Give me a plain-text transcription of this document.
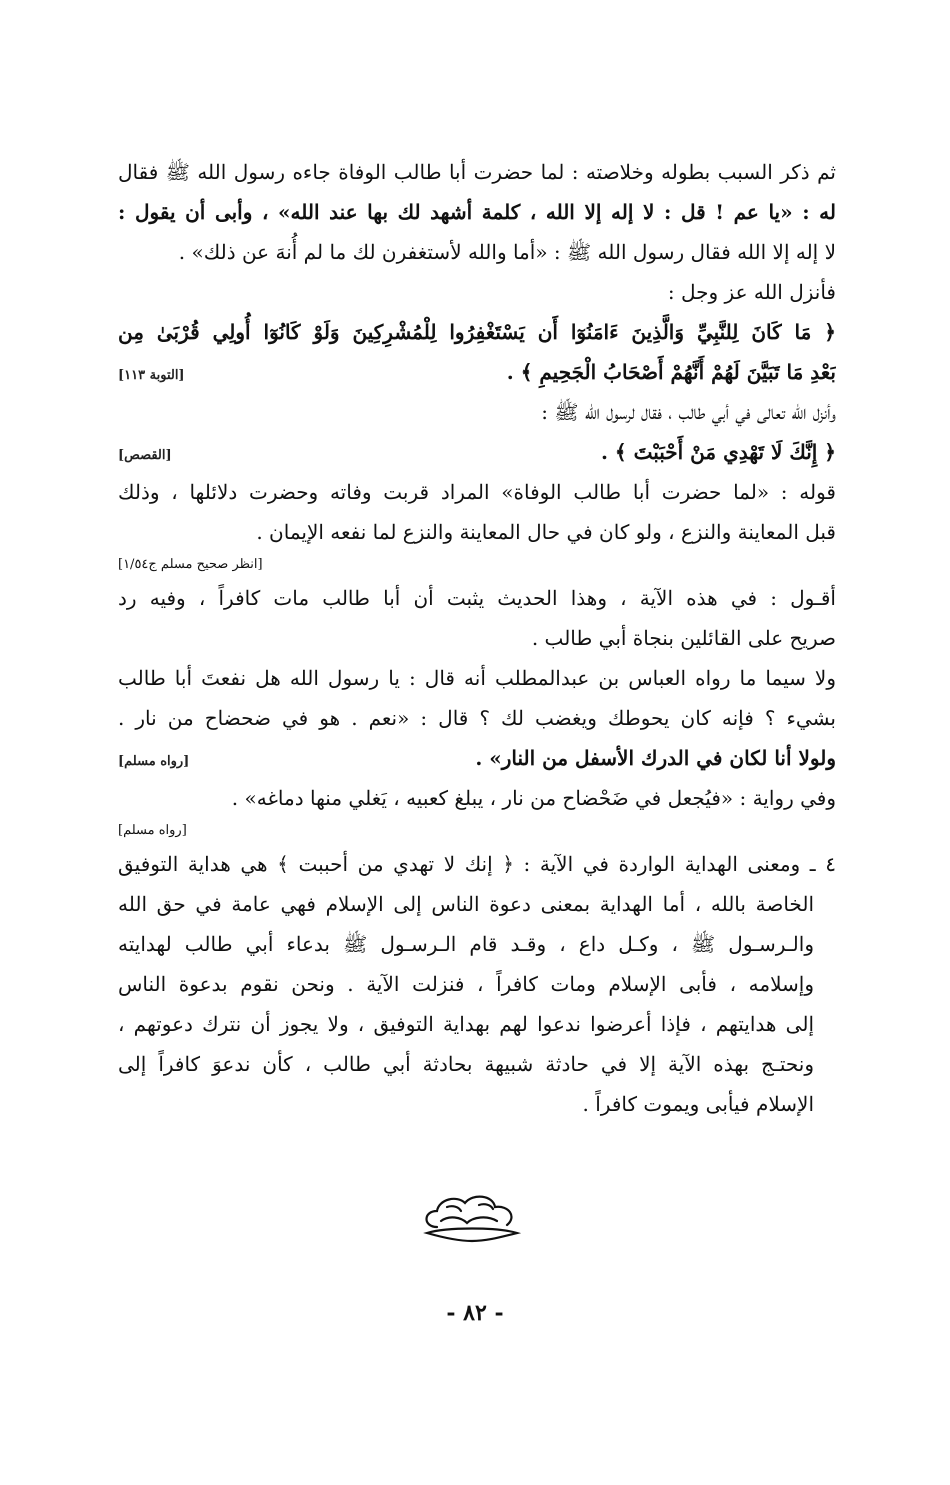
ثم ذكر السبب بطوله وخلاصته : لما حضرت أبا طالب الوفاة جاءه رسول الله ﷺ فقال
له : «يا عم ! قل : لا إله إلا الله ، كلمة أشهد لك بها عند الله» ، وأبى أن يقول :
لا إله إلا الله فقال رسول الله ﷺ : «أما والله لأستغفرن لك ما لم أُنهَ عن ذلك» .
فأنزل الله عز وجل :
﴿ مَا كَانَ لِلنَّبِيِّ وَالَّذِينَ ءَامَنُوٓا أَن يَسْتَغْفِرُوا لِلْمُشْرِكِينَ وَلَوْ كَانُوٓا أُولِي قُرْبَىٰ مِن
بَعْدِ مَا تَبَيَّنَ لَهُمْ أَنَّهُمْ أَصْحَابُ الْجَحِيمِ ﴾ .
[التوبة ١١٣]
وأنزل الله تعالى في أبي طالب ، فقال لرسول الله ﷺ :
﴿ إِنَّكَ لَا تَهْدِي مَنْ أَحْبَبْتَ ﴾ .
[القصص]
قوله : «لما حضرت أبا طالب الوفاة» المراد قربت وفاته وحضرت دلائلها ، وذلك
قبل المعاينة والنزع ، ولو كان في حال المعاينة والنزع لما نفعه الإيمان .
[انظر صحيح مسلم ج١/٥٤]
أقـول : في هذه الآية ، وهذا الحديث يثبت أن أبا طالب مات كافراً ، وفيه رد
صريح على القائلين بنجاة أبي طالب .
ولا سيما ما رواه العباس بن عبدالمطلب أنه قال : يا رسول الله هل نفعتَ أبا طالب
بشيء ؟ فإنه كان يحوطك ويغضب لك ؟ قال : «نعم . هو في ضحضاح من نار .
ولولا أنا لكان في الدرك الأسفل من النار» .
[رواه مسلم]
وفي رواية : «فيُجعل في ضَحْضاح من نار ، يبلغ كعبيه ، يَغلي منها دماغه» .
[رواه مسلم]
٤ ـ ومعنى الهداية الواردة في الآية : ﴿ إنك لا تهدي من أحببت ﴾ هي هداية التوفيق
الخاصة بالله ، أما الهداية بمعنى دعوة الناس إلى الإسلام فهي عامة في حق الله
والـرسـول ﷺ ، وكـل داع ، وقـد قام الـرسـول ﷺ بدعاء أبي طالب لهدايته
وإسلامه ، فأبى الإسلام ومات كافراً ، فنزلت الآية . ونحن نقوم بدعوة الناس
إلى هدايتهم ، فإذا أعرضوا ندعوا لهم بهداية التوفيق ، ولا يجوز أن نترك دعوتهم ،
ونحتـج بهذه الآية إلا في حادثة شبيهة بحادثة أبي طالب ، كأن ندعوَ كافراً إلى
الإسلام فيأبى ويموت كافراً .
- ٨٢ -
